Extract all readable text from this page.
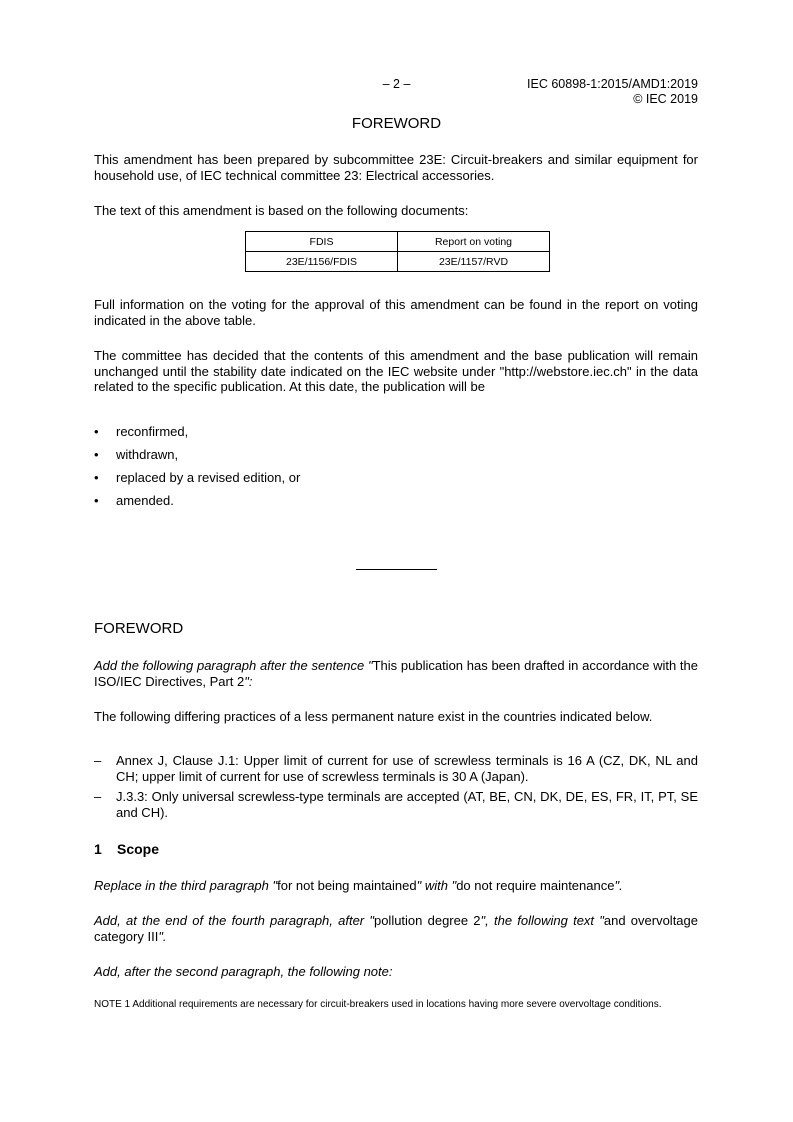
– 2 –	IEC 60898-1:2015/AMD1:2019
© IEC 2019
FOREWORD

This amendment has been prepared by subcommittee 23E: Circuit-breakers and similar equipment for household use, of IEC technical committee 23: Electrical accessories.

The text of this amendment is based on the following documents:

FDIS	Report on voting
23E/1156/FDIS	23E/1157/RVD

Full information on the voting for the approval of this amendment can be found in the report on voting indicated in the above table.

The committee has decided that the contents of this amendment and the base publication will remain unchanged until the stability date indicated on the IEC website under "http://webstore.iec.ch" in the data related to the specific publication. At this date, the publication will be

• reconfirmed,
• withdrawn,
• replaced by a revised edition, or
• amended.
FOREWORD

Add the following paragraph after the sentence "This publication has been drafted in accordance with the ISO/IEC Directives, Part 2":

The following differing practices of a less permanent nature exist in the countries indicated below.

– Annex J, Clause J.1: Upper limit of current for use of screwless terminals is 16 A (CZ, DK, NL and CH; upper limit of current for use of screwless terminals is 30 A (Japan).
– J.3.3: Only universal screwless-type terminals are accepted (AT, BE, CN, DK, DE, ES, FR, IT, PT, SE and CH).
1 Scope

Replace in the third paragraph "for not being maintained" with "do not require maintenance".

Add, at the end of the fourth paragraph, after "pollution degree 2", the following text "and overvoltage category III".

Add, after the second paragraph, the following note:

NOTE 1 Additional requirements are necessary for circuit-breakers used in locations having more severe overvoltage conditions.
